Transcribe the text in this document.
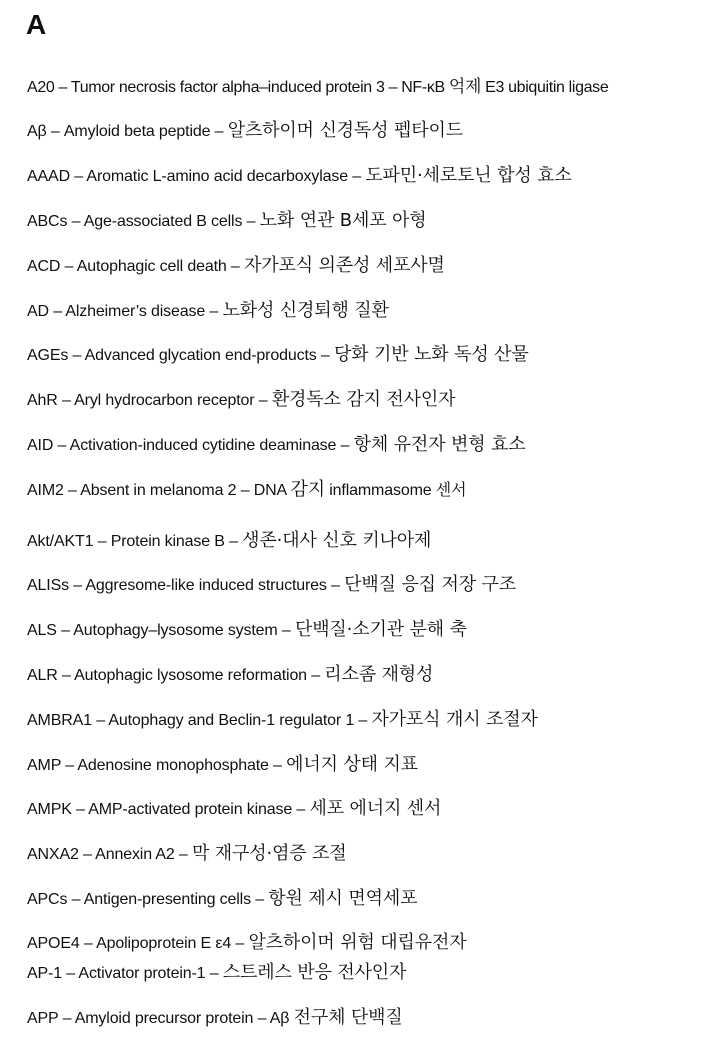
A
A20 – Tumor necrosis factor alpha–induced protein 3 – NF-κB 억제 E3 ubiquitin ligase
Aβ – Amyloid beta peptide – 알츠하이머 신경독성 펩타이드
AAAD – Aromatic L-amino acid decarboxylase – 도파민·세로토닌 합성 효소
ABCs – Age-associated B cells – 노화 연관 B세포 아형
ACD – Autophagic cell death – 자가포식 의존성 세포사멸
AD – Alzheimer’s disease – 노화성 신경퇴행 질환
AGEs – Advanced glycation end-products – 당화 기반 노화 독성 산물
AhR – Aryl hydrocarbon receptor – 환경독소 감지 전사인자
AID – Activation-induced cytidine deaminase – 항체 유전자 변형 효소
AIM2 – Absent in melanoma 2 – DNA 감지 inflammasome 센서
Akt/AKT1 – Protein kinase B – 생존·대사 신호 키나아제
ALISs – Aggresome-like induced structures – 단백질 응집 저장 구조
ALS – Autophagy–lysosome system – 단백질·소기관 분해 축
ALR – Autophagic lysosome reformation – 리소좀 재형성
AMBRA1 – Autophagy and Beclin-1 regulator 1 – 자가포식 개시 조절자
AMP – Adenosine monophosphate – 에너지 상태 지표
AMPK – AMP-activated protein kinase – 세포 에너지 센서
ANXA2 – Annexin A2 – 막 재구성·염증 조절
APCs – Antigen-presenting cells – 항원 제시 면역세포
APOE4 – Apolipoprotein E ε4 – 알츠하이머 위험 대립유전자
AP-1 – Activator protein-1 – 스트레스 반응 전사인자
APP – Amyloid precursor protein – Aβ 전구체 단백질
